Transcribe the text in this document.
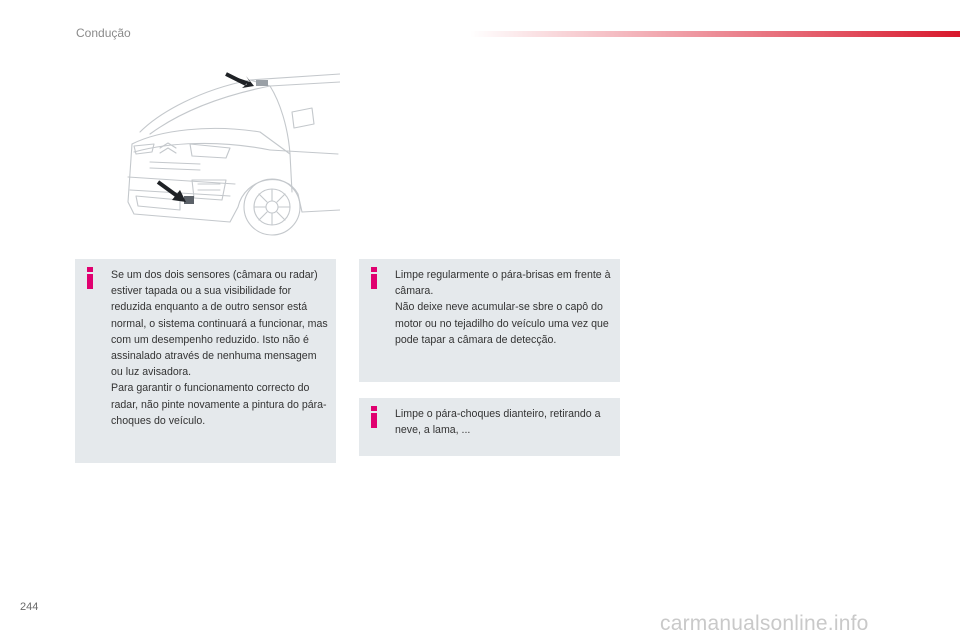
Condução

Se um dos dois sensores (câmara ou radar) estiver tapada ou a sua visibilidade for reduzida enquanto a de outro sensor está normal, o sistema continuará a funcionar, mas com um desempenho reduzido. Isto não é assinalado através de nenhuma mensagem ou luz avisadora.

Para garantir o funcionamento correcto do radar, não pinte novamente a pintura do pára-choques do veículo.

Limpe regularmente o pára-brisas em frente à câmara.

Não deixe neve acumular-se sbre o capô do motor ou no tejadilho do veículo uma vez que pode tapar a câmara de detecção.

Limpe o pára-choques dianteiro, retirando a neve, a lama, ...

244
carmanualsonline.info
